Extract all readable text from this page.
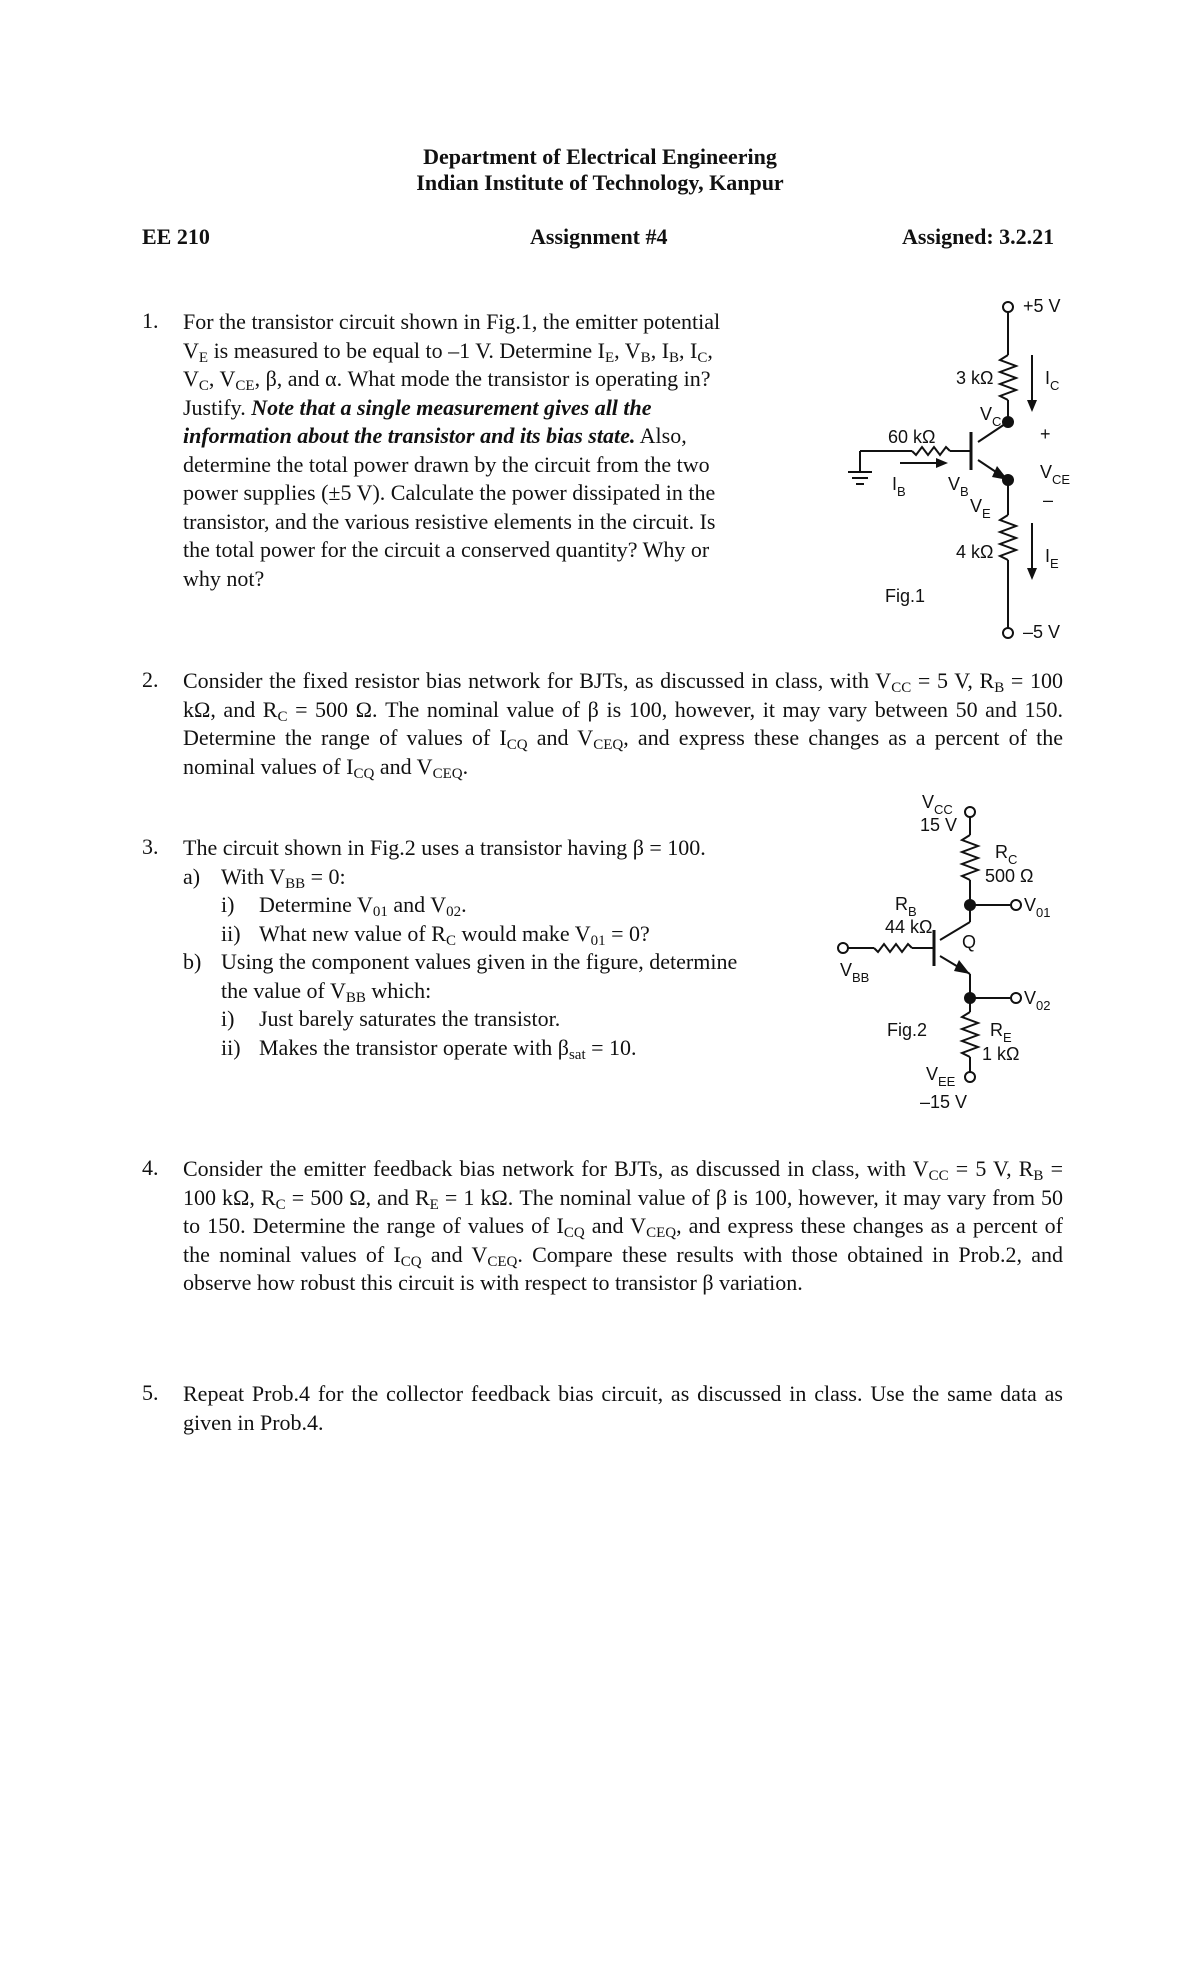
Department of Electrical Engineering
Indian Institute of Technology, Kanpur
EE 210	Assignment #4	Assigned: 3.2.21
1. For the transistor circuit shown in Fig.1, the emitter potential
$V_E$ is measured to be equal to –1 V. Determine $I_E$, $V_B$, $I_B$, $I_C$,
$V_C$, $V_{CE}$, β, and α. What mode the transistor is operating in?
Justify. Note that a single measurement gives all the
information about the transistor and its bias state. Also,
determine the total power drawn by the circuit from the two
power supplies (±5 V). Calculate the power dissipated in the
transistor, and the various resistive elements in the circuit. Is
the total power for the circuit a conserved quantity? Why or
why not?
+5 V
3 kΩ	$I_C$
$V_C$
+
60 kΩ
$V_{CE}$
$V_B$
$I_B$
$V_E$
–
4 kΩ	$I_E$
Fig.1
–5 V
2. Consider the fixed resistor bias network for BJTs, as discussed in class, with $V_{CC} = 5$ V, $R_B = 100$ kΩ, and $R_C = 500$ Ω. The nominal value of β is 100, however, it may vary between 50 and 150. Determine the range of values of $I_{CQ}$ and $V_{CEQ}$, and express these changes as a percent of the nominal values of $I_{CQ}$ and $V_{CEQ}$.
3. The circuit shown in Fig.2 uses a transistor having β = 100.
a) With $V_{BB} = 0$:
i) Determine $V_{01}$ and $V_{02}$.
ii) What new value of $R_C$ would make $V_{01} = 0$?
b) Using the component values given in the figure, determine
the value of $V_{BB}$ which:
i) Just barely saturates the transistor.
ii) Makes the transistor operate with $\beta_{sat} = 10$.
$V_{CC}$
15 V
$R_C$
500 Ω
$V_{01}$
$R_B$
44 kΩ
Q
$V_{BB}$
$V_{02}$
Fig.2	$R_E$
1 kΩ
$V_{EE}$
–15 V
4. Consider the emitter feedback bias network for BJTs, as discussed in class, with $V_{CC} = 5$ V, $R_B = 100$ kΩ, $R_C = 500$ Ω, and $R_E = 1$ kΩ. The nominal value of β is 100, however, it may vary from 50 to 150. Determine the range of values of $I_{CQ}$ and $V_{CEQ}$, and express these changes as a percent of the nominal values of $I_{CQ}$ and $V_{CEQ}$. Compare these results with those obtained in Prob.2, and observe how robust this circuit is with respect to transistor β variation.
5. Repeat Prob.4 for the collector feedback bias circuit, as discussed in class. Use the same data as given in Prob.4.
